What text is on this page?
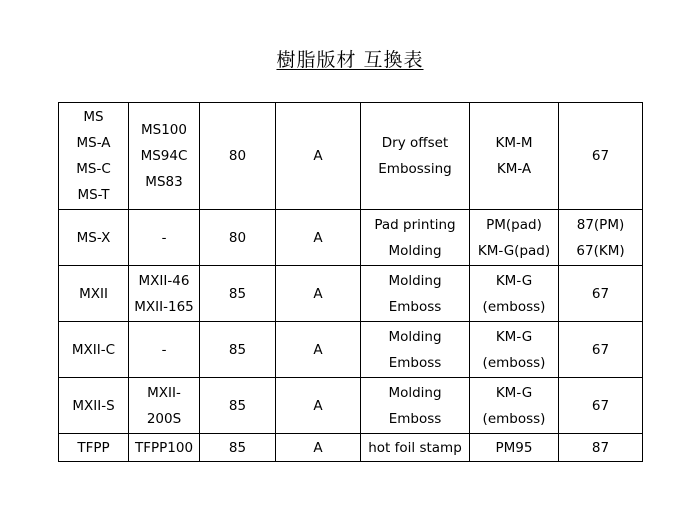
樹脂版材 互換表
MS
MS-A
MS-C
MS-T	MS100
MS94C
MS83	80	A	Dry offset
Embossing	KM-M
KM-A	67

MS-X	-	80	A	Pad printing
Molding	PM(pad)
KM-G(pad)	87(PM)
67(KM)

MXII	MXII-46
MXII-165	85	A	Molding
Emboss	KM-G
(emboss)	67

MXII-C	-	85	A	Molding
Emboss	KM-G
(emboss)	67

MXII-S	MXII-
200S	85	A	Molding
Emboss	KM-G
(emboss)	67

TFPP	TFPP100	85	A	hot foil stamp	PM95	87
